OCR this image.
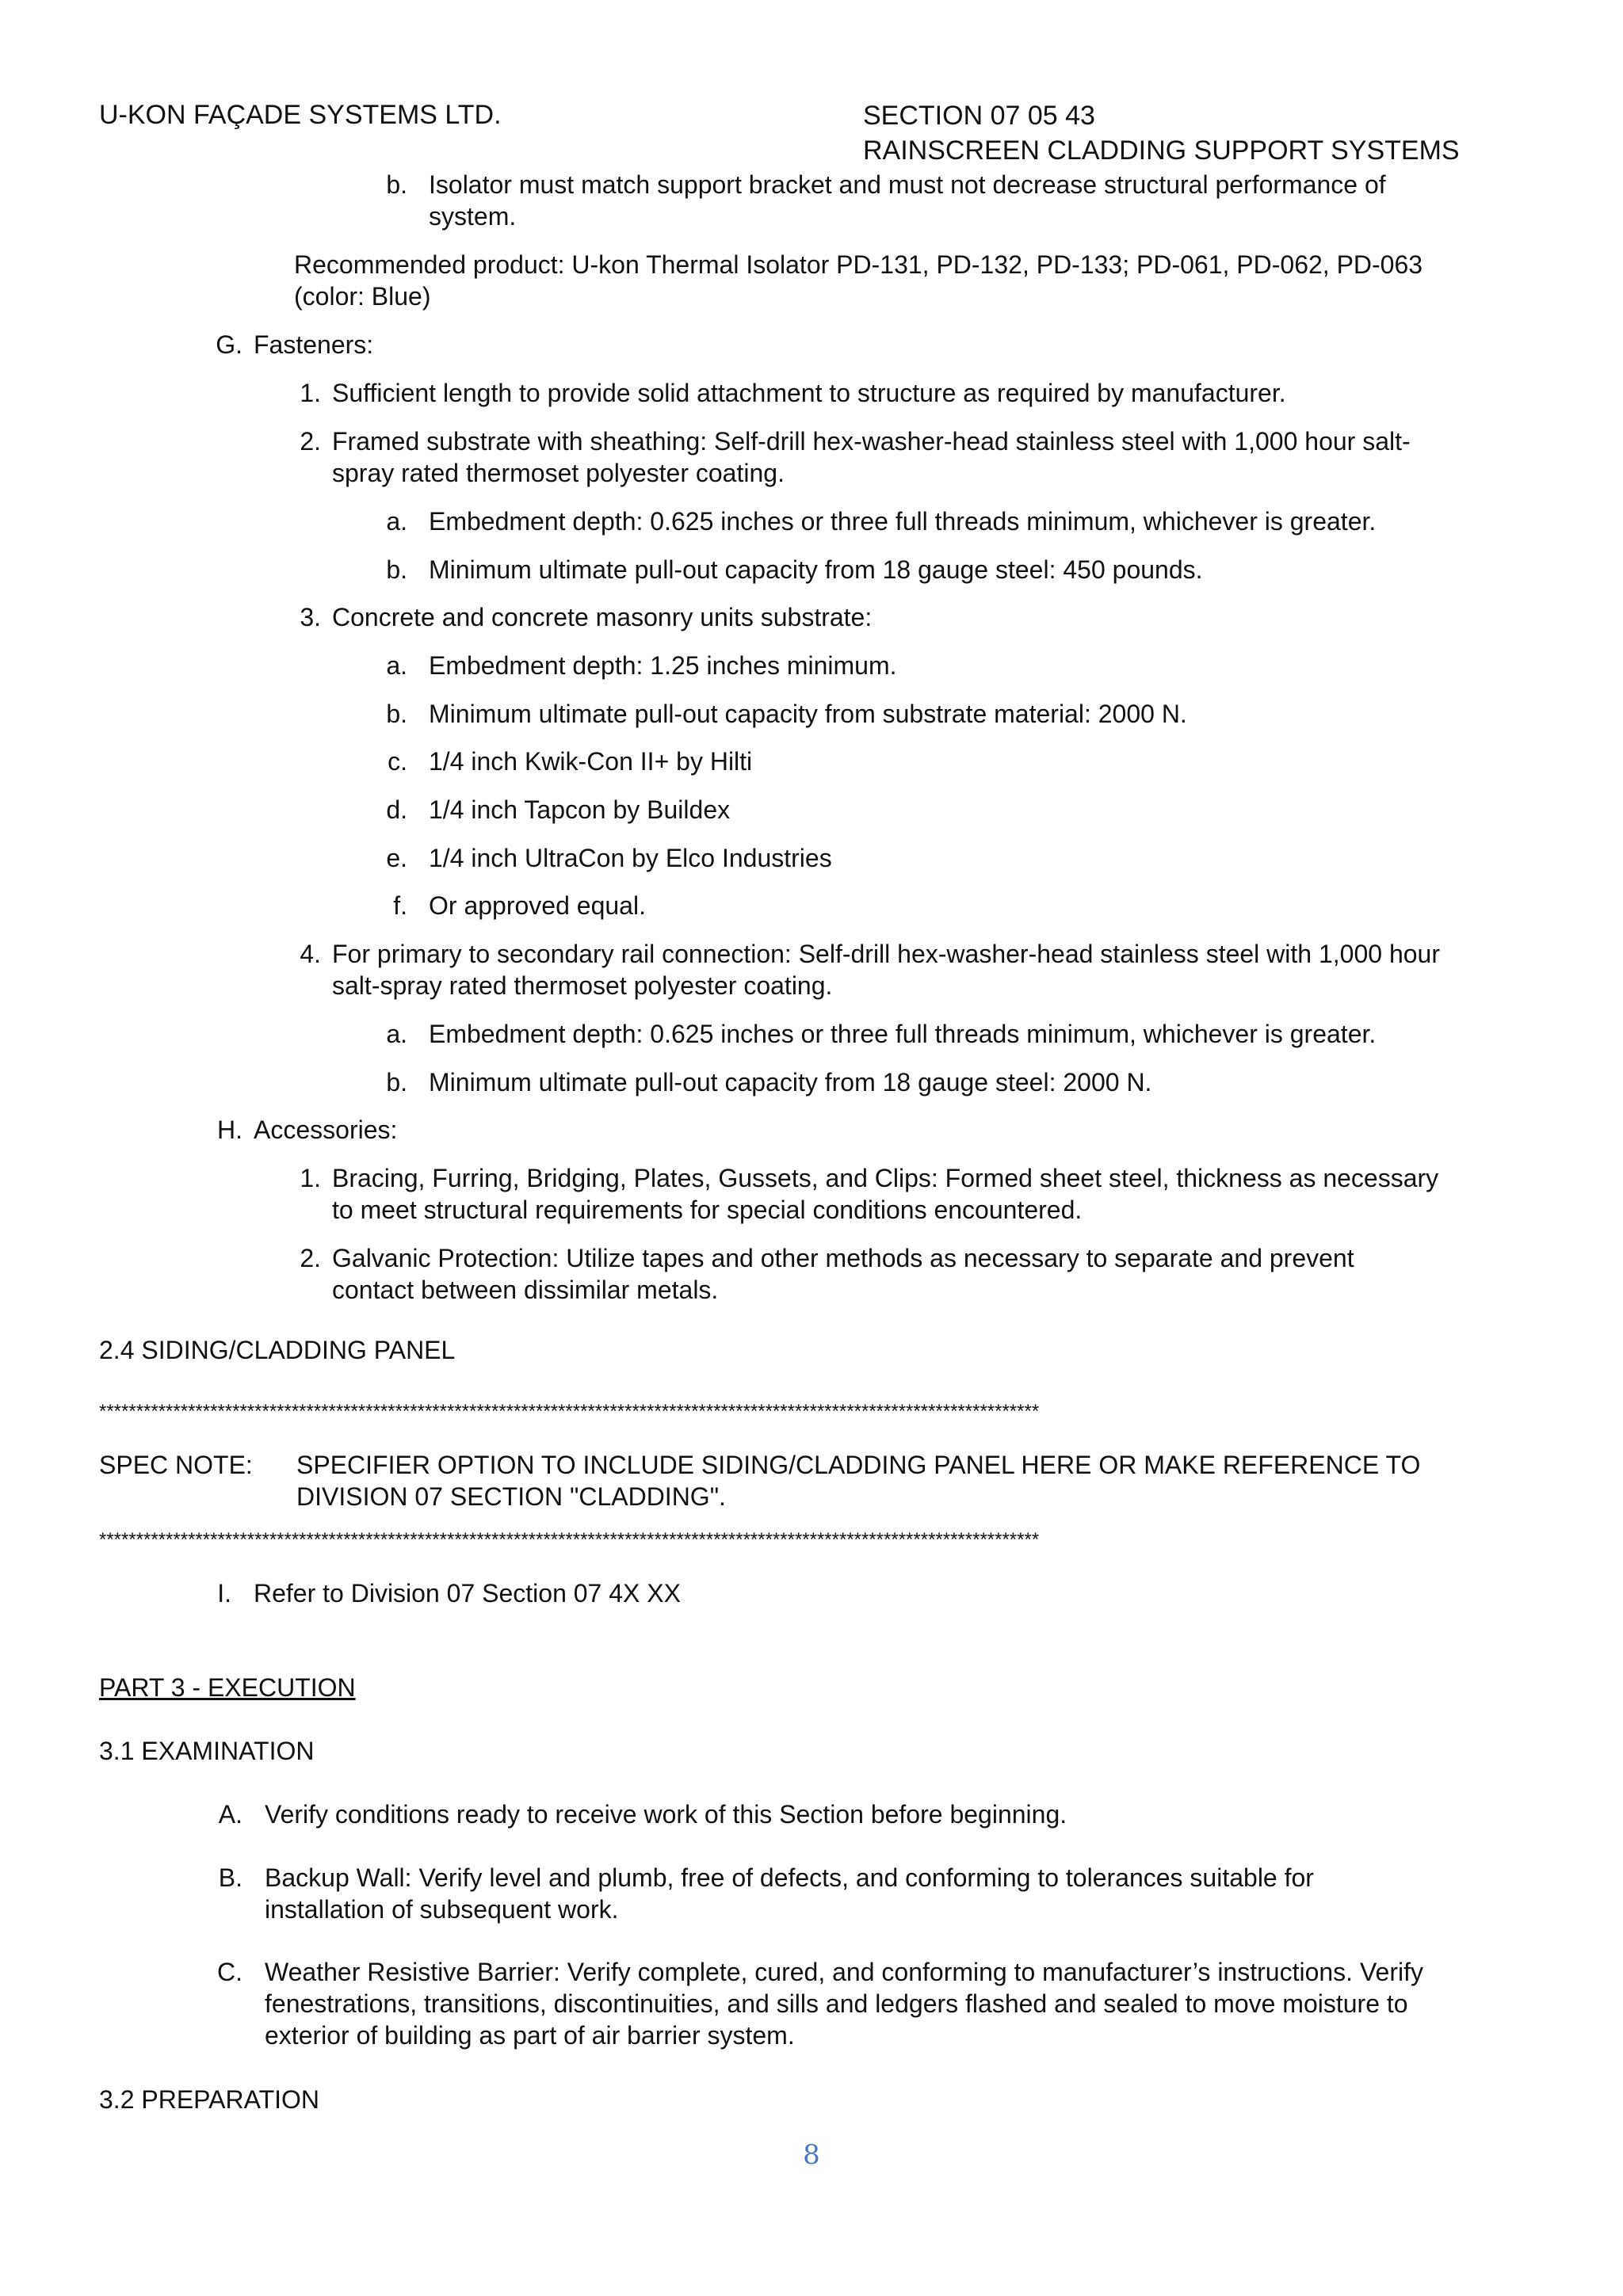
U-KON FAÇADE SYSTEMS LTD.	SECTION 07 05 43
RAINSCREEN CLADDING SUPPORT SYSTEMS
b. Isolator must match support bracket and must not decrease structural performance of
system.
Recommended product: U-kon Thermal Isolator PD-131, PD-132, PD-133; PD-061, PD-062, PD-063
(color: Blue)
G. Fasteners:
1. Sufficient length to provide solid attachment to structure as required by manufacturer.
2. Framed substrate with sheathing: Self-drill hex-washer-head stainless steel with 1,000 hour salt-
spray rated thermoset polyester coating.
a. Embedment depth: 0.625 inches or three full threads minimum, whichever is greater.
b. Minimum ultimate pull-out capacity from 18 gauge steel: 450 pounds.
3. Concrete and concrete masonry units substrate:
a. Embedment depth: 1.25 inches minimum.
b. Minimum ultimate pull-out capacity from substrate material: 2000 N.
c. 1/4 inch Kwik-Con II+ by Hilti
d. 1/4 inch Tapcon by Buildex
e. 1/4 inch UltraCon by Elco Industries
f. Or approved equal.
4. For primary to secondary rail connection: Self-drill hex-washer-head stainless steel with 1,000 hour
salt-spray rated thermoset polyester coating.
a. Embedment depth: 0.625 inches or three full threads minimum, whichever is greater.
b. Minimum ultimate pull-out capacity from 18 gauge steel: 2000 N.
H. Accessories:
1. Bracing, Furring, Bridging, Plates, Gussets, and Clips: Formed sheet steel, thickness as necessary
to meet structural requirements for special conditions encountered.
2. Galvanic Protection: Utilize tapes and other methods as necessary to separate and prevent
contact between dissimilar metals.
2.4 SIDING/CLADDING PANEL
*******************************************************************************************************************************
SPEC NOTE: SPECIFIER OPTION TO INCLUDE SIDING/CLADDING PANEL HERE OR MAKE REFERENCE TO
DIVISION 07 SECTION "CLADDING".
*******************************************************************************************************************************
I. Refer to Division 07 Section 07 4X XX
PART 3 - EXECUTION
3.1 EXAMINATION
A. Verify conditions ready to receive work of this Section before beginning.
B. Backup Wall: Verify level and plumb, free of defects, and conforming to tolerances suitable for
installation of subsequent work.
C. Weather Resistive Barrier: Verify complete, cured, and conforming to manufacturer’s instructions. Verify
fenestrations, transitions, discontinuities, and sills and ledgers flashed and sealed to move moisture to
exterior of building as part of air barrier system.
3.2 PREPARATION
8
